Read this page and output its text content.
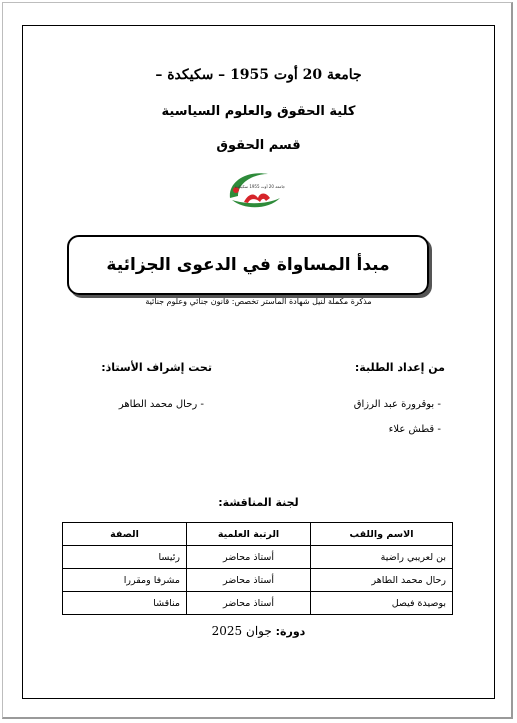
جامعة 20 أوت 1955 – سكيكدة –
كلية الحقوق والعلوم السياسية
قسم الحقوق
جامعة 20 أوت 1955 سكيكدة
مبدأ المساواة في الدعوى الجزائية
مذكرة مكملة لنيل شهادة الماستر تخصص: قانون جنائي وعلوم جنائية
من إعداد الطلبة:
تحت إشراف الأستاذ:
- بوقرورة عبد الرزاق
- قطش علاء
- رحال محمد الطاهر
لجنة المناقشة:
الاسم واللقب	الرتبة العلمية	الصفة
بن لعريبي راضية	أستاذ محاضر	رئيسا
رحال محمد الطاهر	أستاذ محاضر	مشرفا ومقررا
بوصيدة فيصل	أستاذ محاضر	مناقشا
دورة: جوان 2025
